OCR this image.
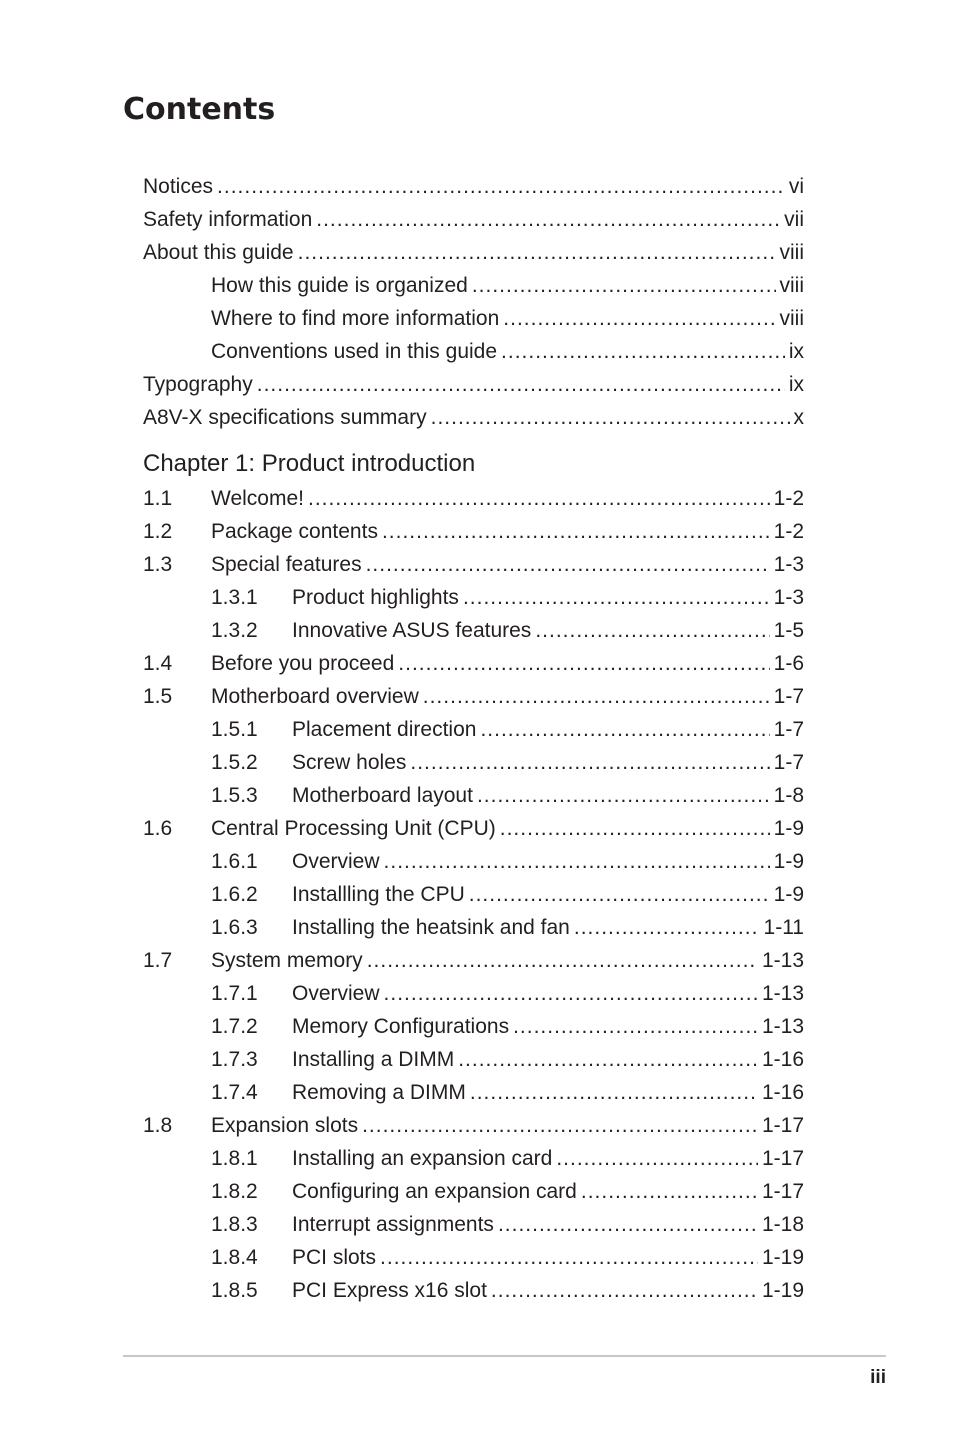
Contents
Notices .....	vi
Safety information .....	vii
About this guide .....	viii
How this guide is organized .....	viii
Where to find more information .....	viii
Conventions used in this guide .....	ix
Typography .....	ix
A8V-X specifications summary .....	x
Chapter 1: Product introduction
1.1 Welcome! .....	1-2
1.2 Package contents .....	1-2
1.3 Special features .....	1-3
1.3.1	Product highlights .....	1-3
1.3.2	Innovative ASUS features .....	1-5
1.4 Before you proceed .....	1-6
1.5 Motherboard overview .....	1-7
1.5.1	Placement direction .....	1-7
1.5.2	Screw holes .....	1-7
1.5.3	Motherboard layout .....	1-8
1.6 Central Processing Unit (CPU) .....	1-9
1.6.1	Overview .....	1-9
1.6.2	Installling the CPU .....	1-9
1.6.3	Installing the heatsink and fan .....	1-11
1.7 System memory .....	1-13
1.7.1	Overview .....	1-13
1.7.2	Memory Configurations .....	1-13
1.7.3	Installing a DIMM .....	1-16
1.7.4	Removing a DIMM .....	1-16
1.8 Expansion slots .....	1-17
1.8.1	Installing an expansion card .....	1-17
1.8.2	Configuring an expansion card .....	1-17
1.8.3	Interrupt assignments .....	1-18
1.8.4	PCI slots .....	1-19
1.8.5	PCI Express x16 slot .....	1-19
iii
